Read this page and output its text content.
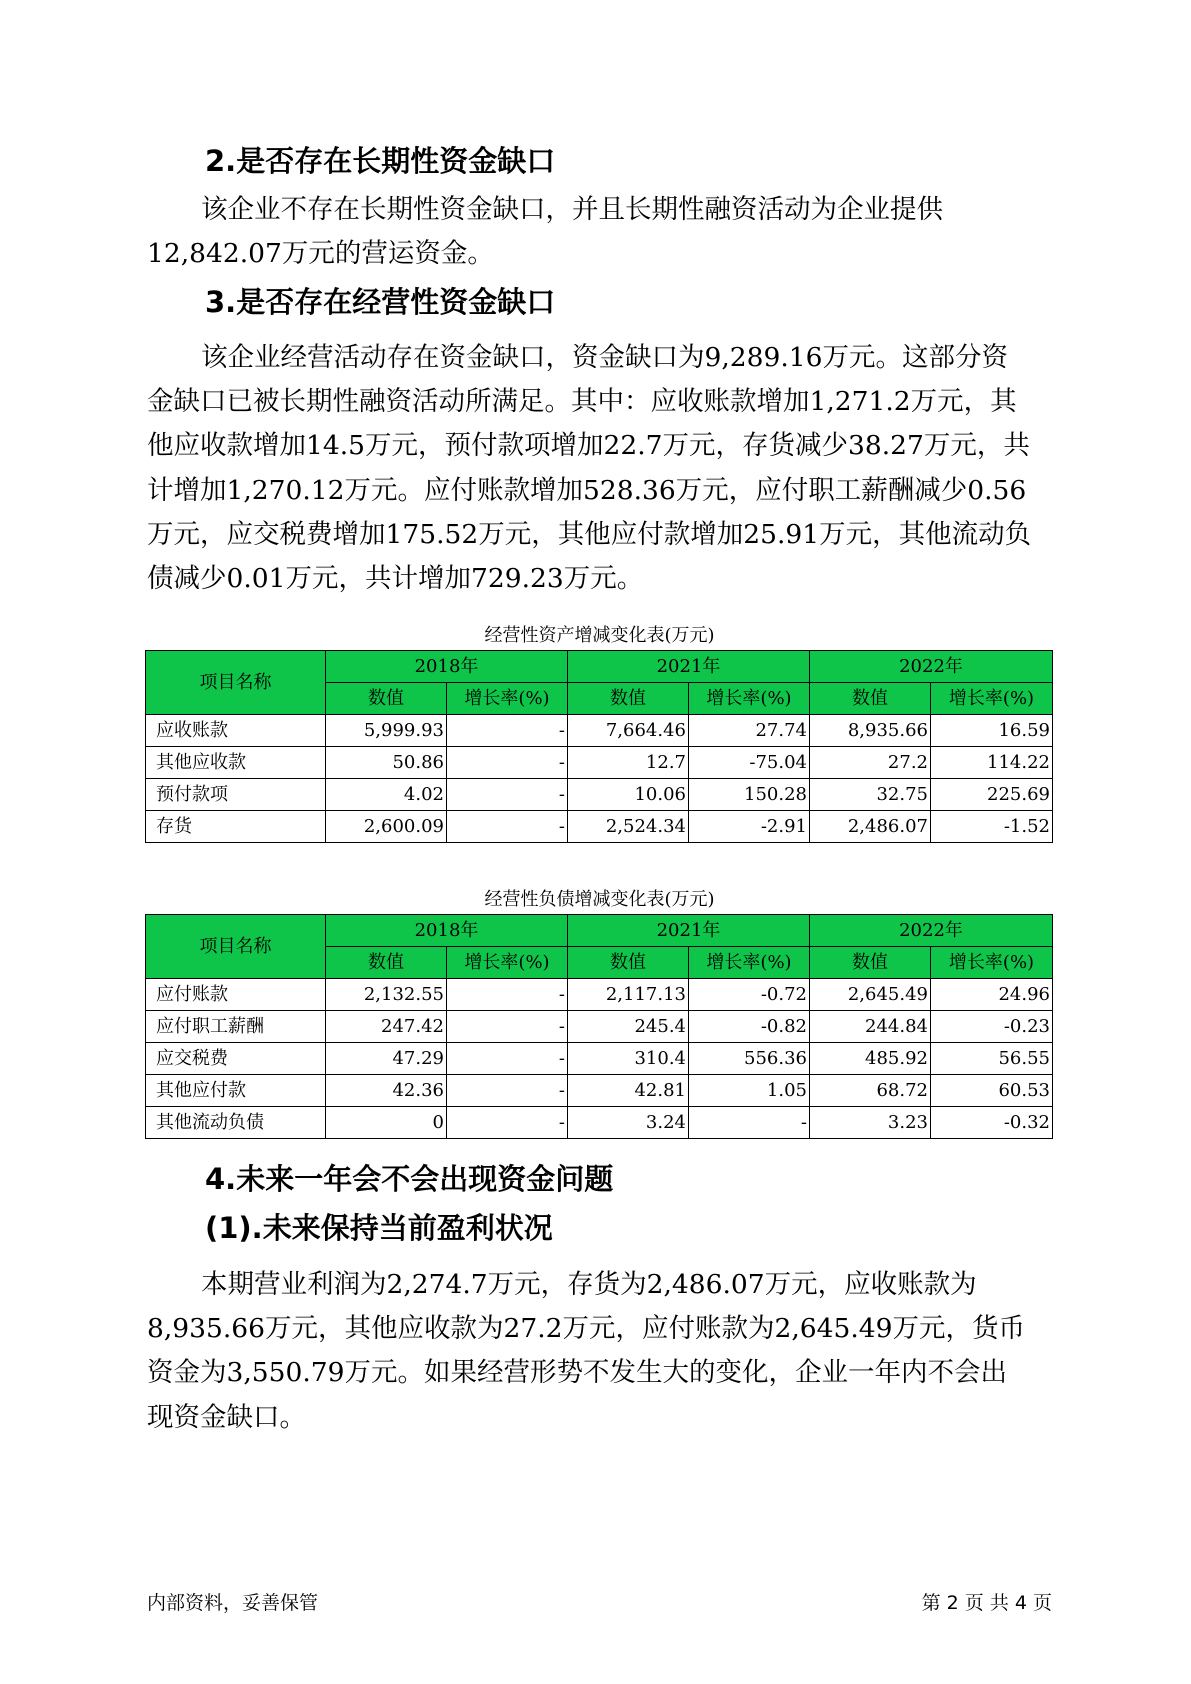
2.是否存在长期性资金缺口
该企业不存在长期性资金缺口，并且长期性融资活动为企业提供
12,842.07万元的营运资金。
3.是否存在经营性资金缺口
该企业经营活动存在资金缺口，资金缺口为9,289.16万元。这部分资
金缺口已被长期性融资活动所满足。其中：应收账款增加1,271.2万元，其
他应收款增加14.5万元，预付款项增加22.7万元，存货减少38.27万元，共
计增加1,270.12万元。应付账款增加528.36万元，应付职工薪酬减少0.56
万元，应交税费增加175.52万元，其他应付款增加25.91万元，其他流动负
债减少0.01万元，共计增加729.23万元。

经营性资产增减变化表(万元)

项目名称	2018年		2021年		2022年	
	数值	增长率(%)	数值	增长率(%)	数值	增长率(%)
应收账款	5,999.93	-	7,664.46	27.74	8,935.66	16.59
其他应收款	50.86	-	12.7	-75.04	27.2	114.22
预付款项	4.02	-	10.06	150.28	32.75	225.69
存货	2,600.09	-	2,524.34	-2.91	2,486.07	-1.52

经营性负债增减变化表(万元)

项目名称	2018年		2021年		2022年	
	数值	增长率(%)	数值	增长率(%)	数值	增长率(%)
应付账款	2,132.55	-	2,117.13	-0.72	2,645.49	24.96
应付职工薪酬	247.42	-	245.4	-0.82	244.84	-0.23
应交税费	47.29	-	310.4	556.36	485.92	56.55
其他应付款	42.36	-	42.81	1.05	68.72	60.53
其他流动负债	0	-	3.24	-	3.23	-0.32
4.未来一年会不会出现资金问题
(1).未来保持当前盈利状况
本期营业利润为2,274.7万元，存货为2,486.07万元，应收账款为
8,935.66万元，其他应收款为27.2万元，应付账款为2,645.49万元，货币
资金为3,550.79万元。如果经营形势不发生大的变化，企业一年内不会出
现资金缺口。

内部资料，妥善保管	第 2 页 共 4 页
